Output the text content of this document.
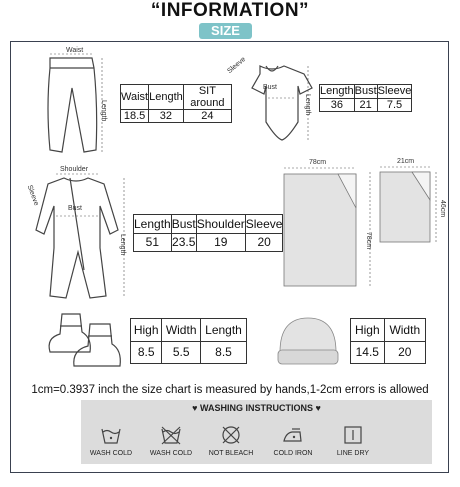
“INFORMATION”
SIZE
Waist
Length
Waist	Length	SIT around
18.5	32	24
Sleeve
Bust
Length
Length	Bust	Sleeve
36	21	7.5
Shoulder
Sleeve
Bust
Length
Length	Bust	Shoulder	Sleeve
51	23.5	19	20
78cm
78cm
21cm
46cm
High	Width	Length
8.5	5.5	8.5
High	Width
14.5	20
1cm=0.3937 inch the size chart is measured by hands,1-2cm errors is allowed
♥ WASHING INSTRUCTIONS ♥
WASH COLD	WASH COLD	NOT BLEACH	COLD IRON	LINE DRY
